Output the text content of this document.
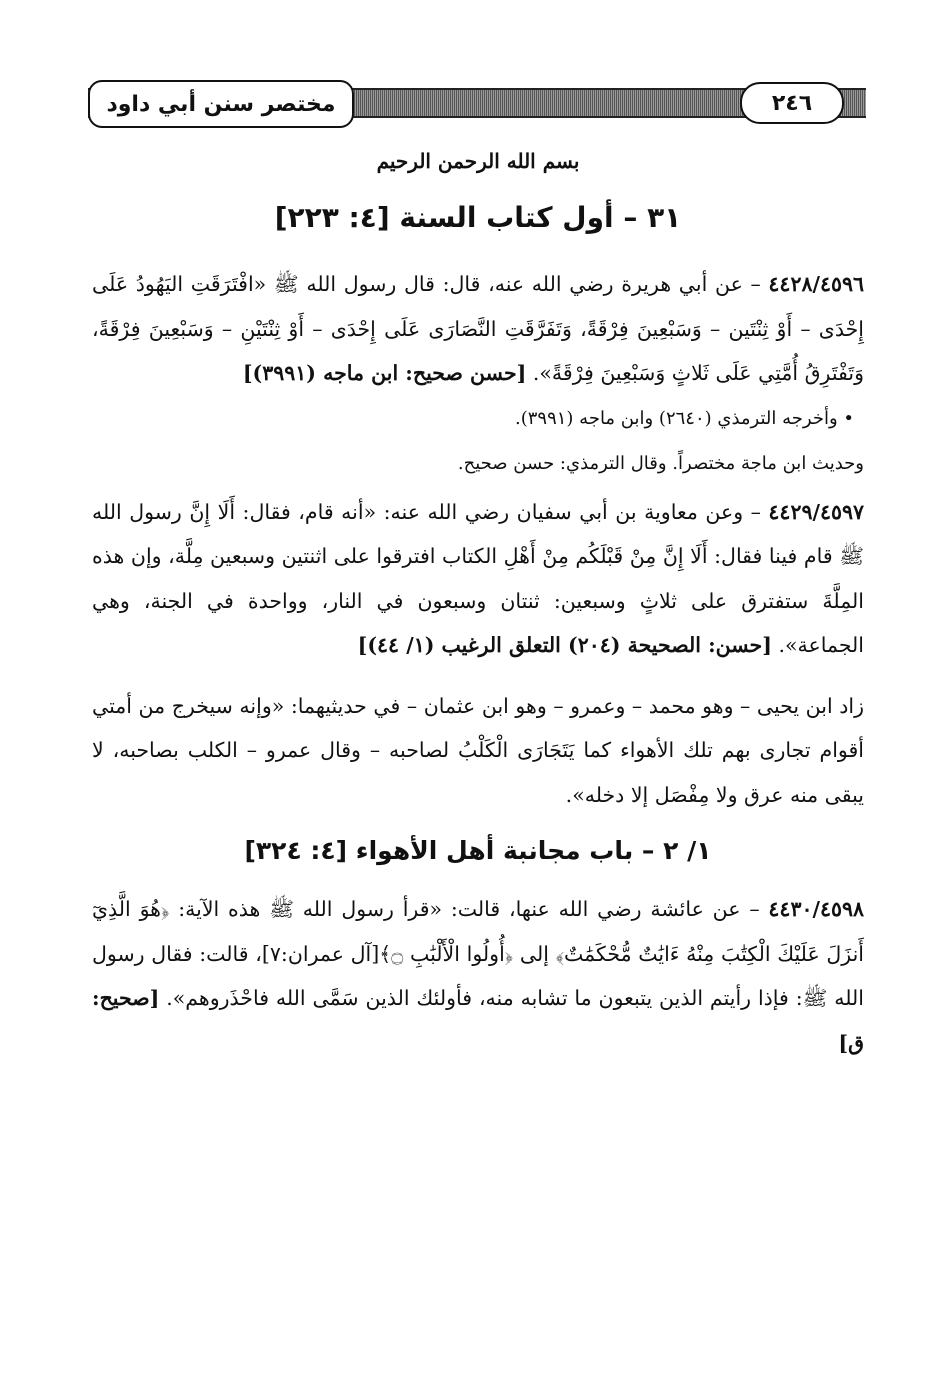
مختصر سنن أبي داود	٢٤٦
بسم الله الرحمن الرحيم
٣١ – أول كتاب السنة [٤: ٢٢٣]

٤٤٢٨/٤٥٩٦ – عن أبي هريرة رضي الله عنه، قال: قال رسول الله ﷺ «افْتَرَقَتِ اليَهُودُ عَلَى إِحْدَى – أَوْ ثِنْتَين – وَسَبْعِينَ فِرْقَةً، وَتَفَرَّقَتِ النَّصَارَى عَلَى إِحْدَى – أَوْ ثِنْتَيْنِ – وَسَبْعِينَ فِرْقَةً، وَتَفْتَرِقُ أُمَّتِي عَلَى ثَلاثٍ وَسَبْعِينَ فِرْقَةً». [حسن صحيح: ابن ماجه (٣٩٩١)]

• وأخرجه الترمذي (٢٦٤٠) وابن ماجه (٣٩٩١).

وحديث ابن ماجة مختصراً. وقال الترمذي: حسن صحيح.

٤٤٢٩/٤٥٩٧ – وعن معاوية بن أبي سفيان رضي الله عنه: «أنه قام، فقال: أَلَا إِنَّ رسول الله ﷺ قام فينا فقال: أَلَا إِنَّ مِنْ قَبْلَكُم مِنْ أَهْلِ الكتاب افترقوا على اثنتين وسبعين مِلَّة، وإن هذه المِلَّةَ ستفترق على ثلاثٍ وسبعين: ثنتان وسبعون في النار، وواحدة في الجنة، وهي الجماعة». [حسن: الصحيحة (٢٠٤) التعلق الرغيب (١/ ٤٤)]

زاد ابن يحيى – وهو محمد – وعمرو – وهو ابن عثمان – في حديثيهما: «وإنه سيخرج من أمتي أقوام تجارى بهم تلك الأهواء كما يَتَجَارَى الْكَلْبُ لصاحبه – وقال عمرو – الكلب بصاحبه، لا يبقى منه عرق ولا مِفْصَل إلا دخله».

١/ ٢ – باب مجانبة أهل الأهواء [٤: ٣٢٤]

٤٤٣٠/٤٥٩٨ – عن عائشة رضي الله عنها، قالت: «قرأ رسول الله ﷺ هذه الآية: ﴿هُوَ الَّذِيٓ أَنزَلَ عَلَيْكَ الْكِتَٰبَ مِنْهُ ءَايَٰتٌ مُّحْكَمَٰتٌ﴾ إلى ﴿أُولُوا الْأَلْبَٰبِ ۝﴾[آل عمران:٧]، قالت: فقال رسول الله ﷺ: فإذا رأيتم الذين يتبعون ما تشابه منه، فأولئك الذين سَمَّى الله فاحْذَروهم». [صحيح: ق]
